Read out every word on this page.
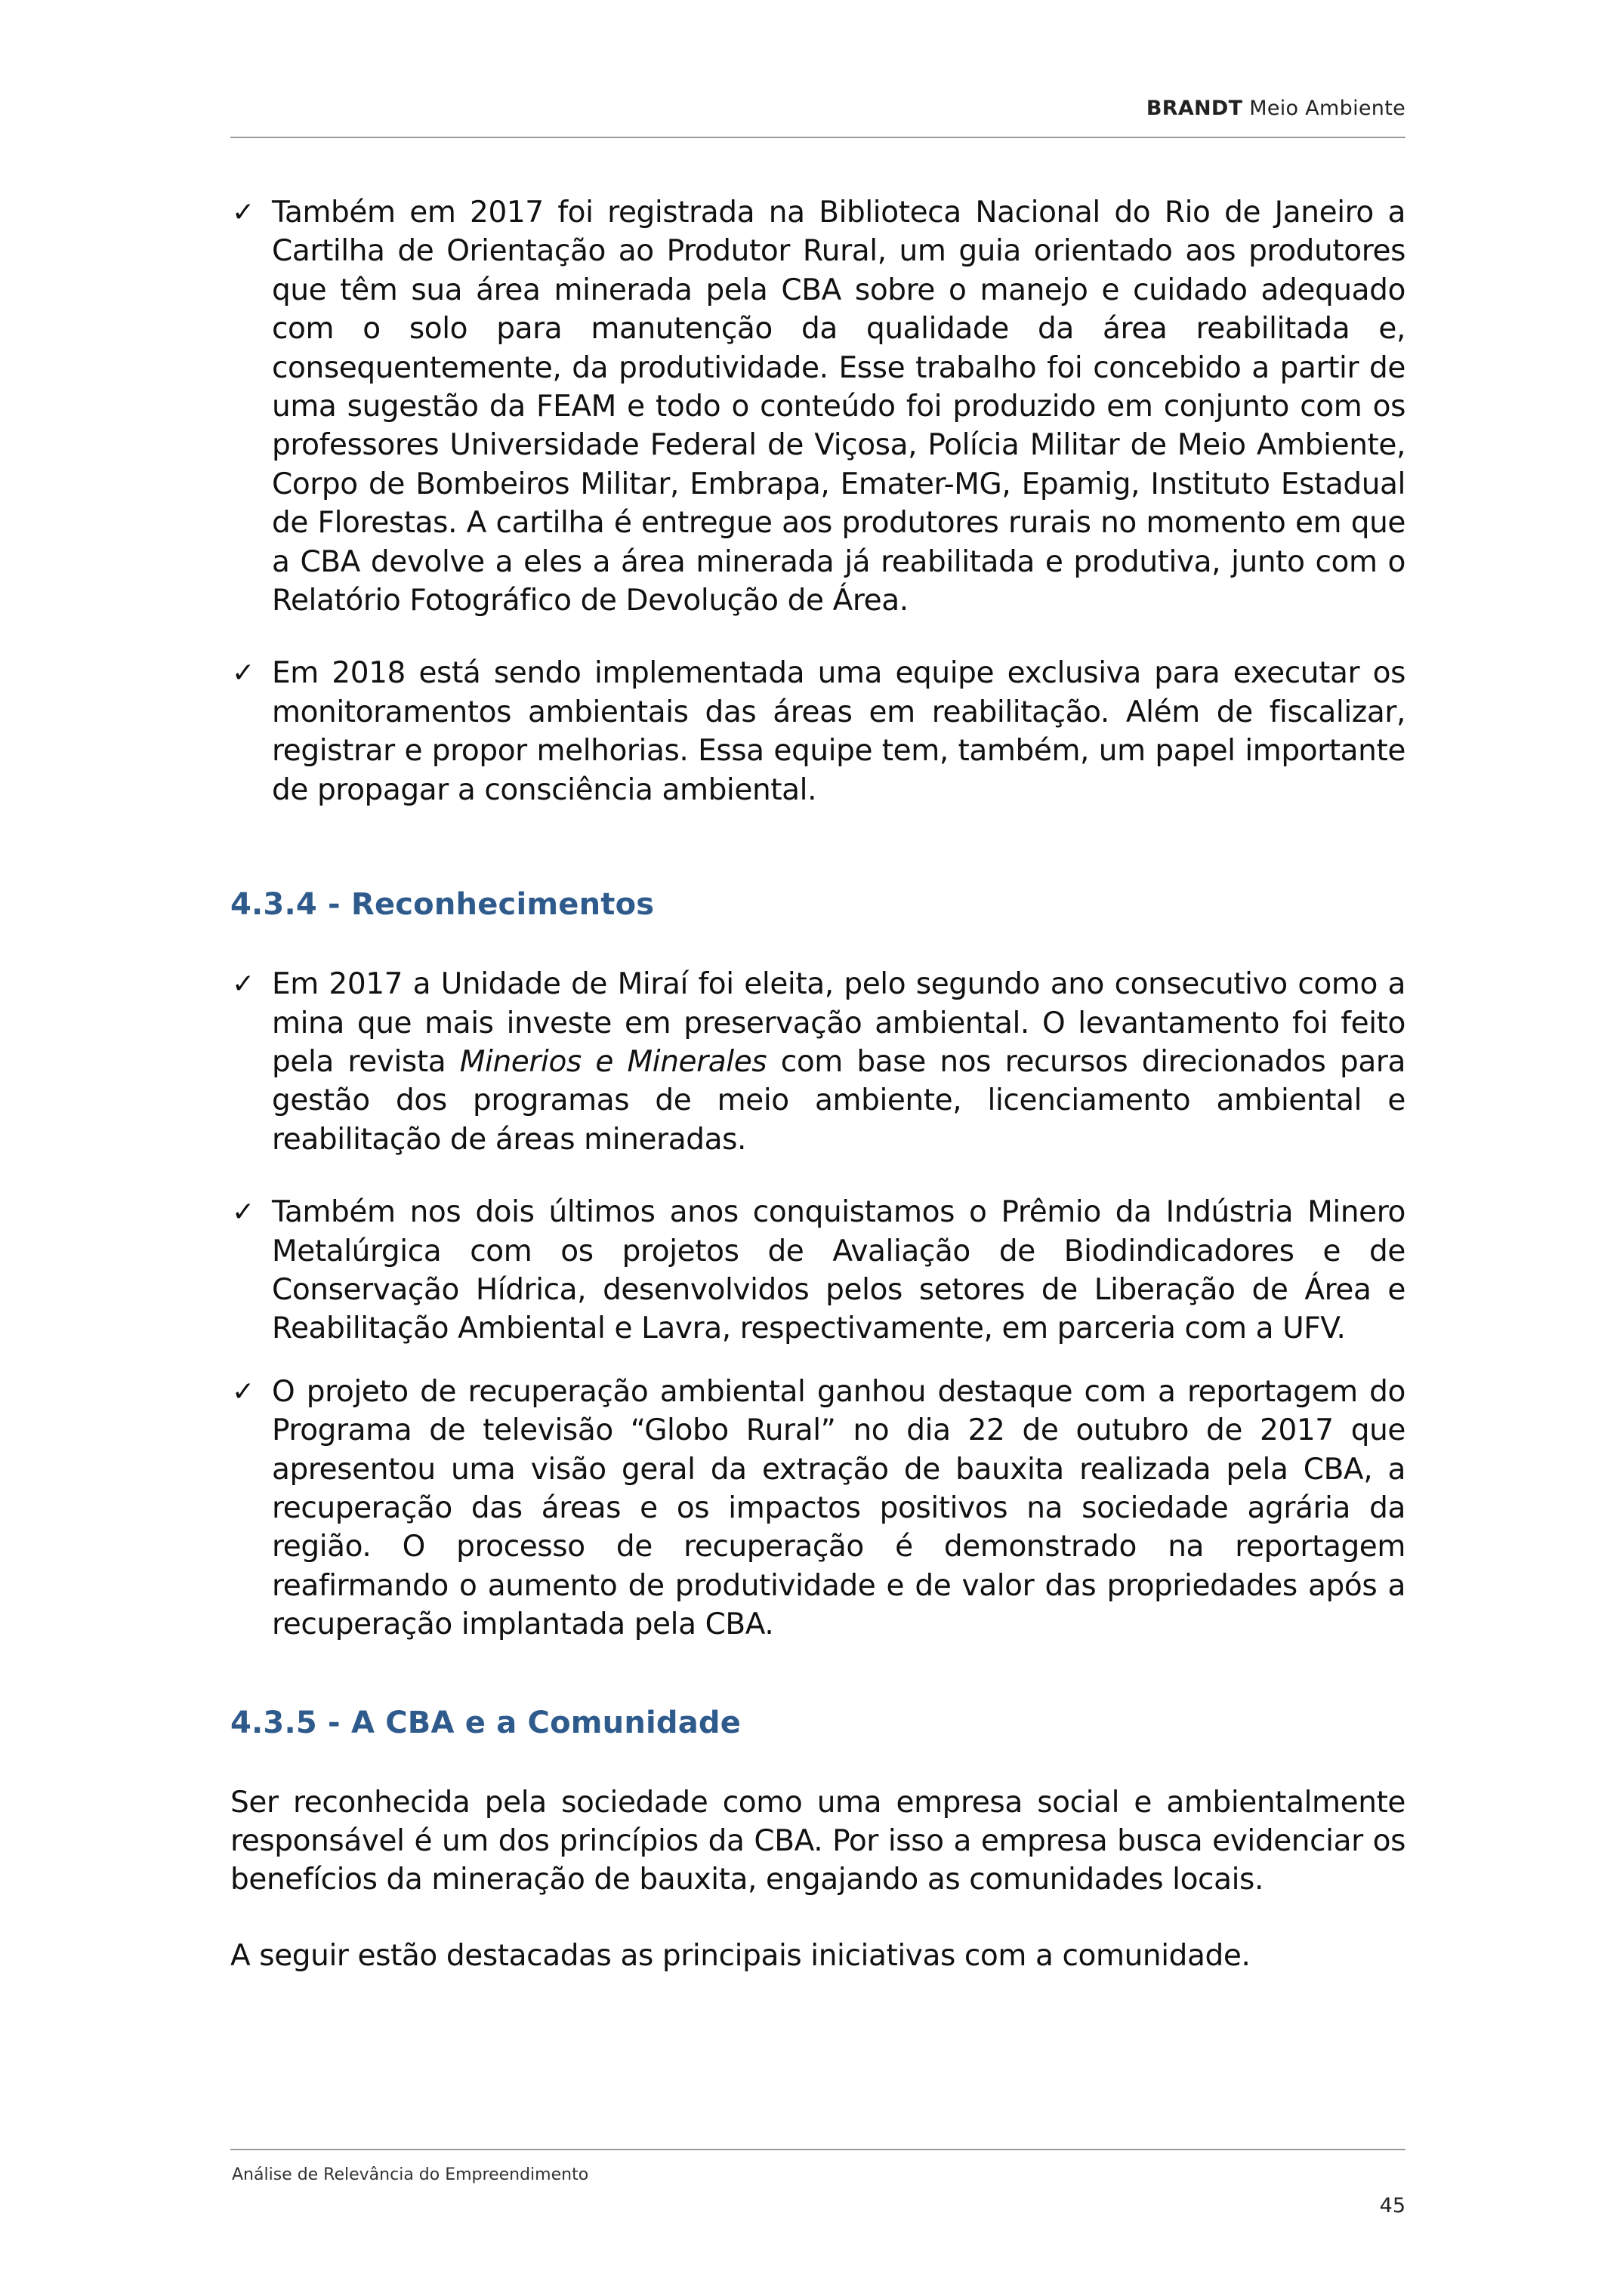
BRANDT Meio Ambiente
✓ Também em 2017 foi registrada na Biblioteca Nacional do Rio de Janeiro a Cartilha de Orientação ao Produtor Rural, um guia orientado aos produtores que têm sua área minerada pela CBA sobre o manejo e cuidado adequado com o solo para manutenção da qualidade da área reabilitada e, consequentemente, da produtividade. Esse trabalho foi concebido a partir de uma sugestão da FEAM e todo o conteúdo foi produzido em conjunto com os professores Universidade Federal de Viçosa, Polícia Militar de Meio Ambiente, Corpo de Bombeiros Militar, Embrapa, Emater-MG, Epamig, Instituto Estadual de Florestas. A cartilha é entregue aos produtores rurais no momento em que a CBA devolve a eles a área minerada já reabilitada e produtiva, junto com o Relatório Fotográfico de Devolução de Área.
✓ Em 2018 está sendo implementada uma equipe exclusiva para executar os monitoramentos ambientais das áreas em reabilitação. Além de fiscalizar, registrar e propor melhorias. Essa equipe tem, também, um papel importante de propagar a consciência ambiental.
4.3.4 - Reconhecimentos
✓ Em 2017 a Unidade de Miraí foi eleita, pelo segundo ano consecutivo como a mina que mais investe em preservação ambiental. O levantamento foi feito pela revista Minerios e Minerales com base nos recursos direcionados para gestão dos programas de meio ambiente, licenciamento ambiental e reabilitação de áreas mineradas.
✓ Também nos dois últimos anos conquistamos o Prêmio da Indústria Minero Metalúrgica com os projetos de Avaliação de Biodindicadores e de Conservação Hídrica, desenvolvidos pelos setores de Liberação de Área e Reabilitação Ambiental e Lavra, respectivamente, em parceria com a UFV.
✓ O projeto de recuperação ambiental ganhou destaque com a reportagem do Programa de televisão “Globo Rural” no dia 22 de outubro de 2017 que apresentou uma visão geral da extração de bauxita realizada pela CBA, a recuperação das áreas e os impactos positivos na sociedade agrária da região. O processo de recuperação é demonstrado na reportagem reafirmando o aumento de produtividade e de valor das propriedades após a recuperação implantada pela CBA.
4.3.5 - A CBA e a Comunidade
Ser reconhecida pela sociedade como uma empresa social e ambientalmente responsável é um dos princípios da CBA. Por isso a empresa busca evidenciar os benefícios da mineração de bauxita, engajando as comunidades locais.
A seguir estão destacadas as principais iniciativas com a comunidade.
Análise de Relevância do Empreendimento
45
